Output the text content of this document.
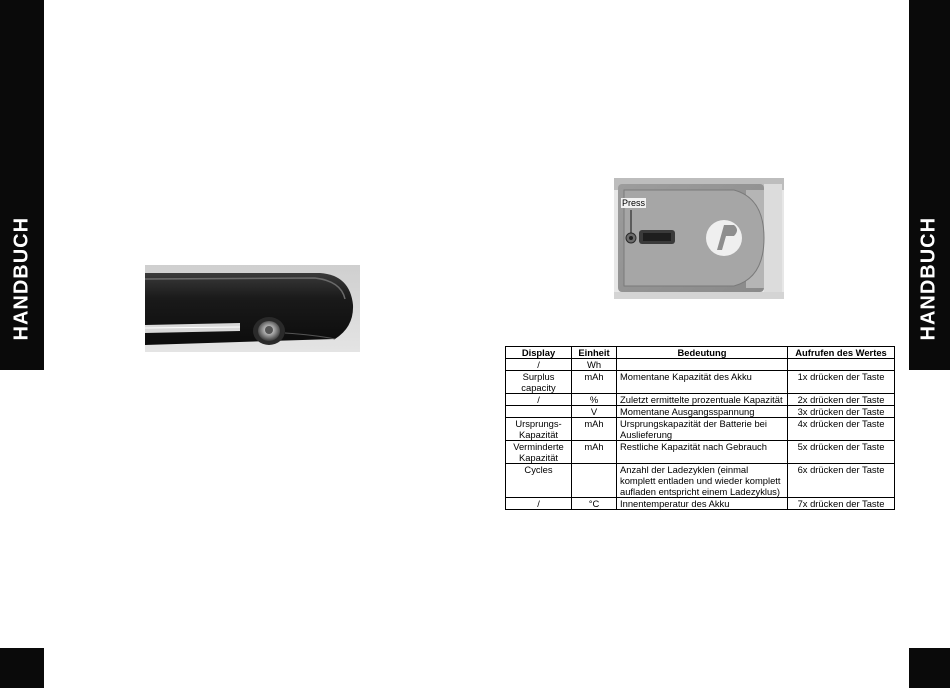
HANDBUCH	HANDBUCH
Press
Display	Einheit	Bedeutung	Aufrufen des Wertes
/	Wh		
Surplus capacity	mAh	Momentane Kapazität des Akku	1x drücken der Taste
/	%	Zuletzt ermittelte prozentuale Kapazität	2x drücken der Taste
	V	Momentane Ausgangsspannung	3x drücken der Taste
Ursprungs-Kapazität	mAh	Ursprungskapazität der Batterie bei Auslieferung	4x drücken der Taste
Verminderte Kapazität	mAh	Restliche Kapazität nach Gebrauch	5x drücken der Taste
Cycles		Anzahl der Ladezyklen (einmal komplett entladen und wieder komplett aufladen entspricht einem Ladezyklus)	6x drücken der Taste
/	°C	Innentemperatur des Akku	7x drücken der Taste
